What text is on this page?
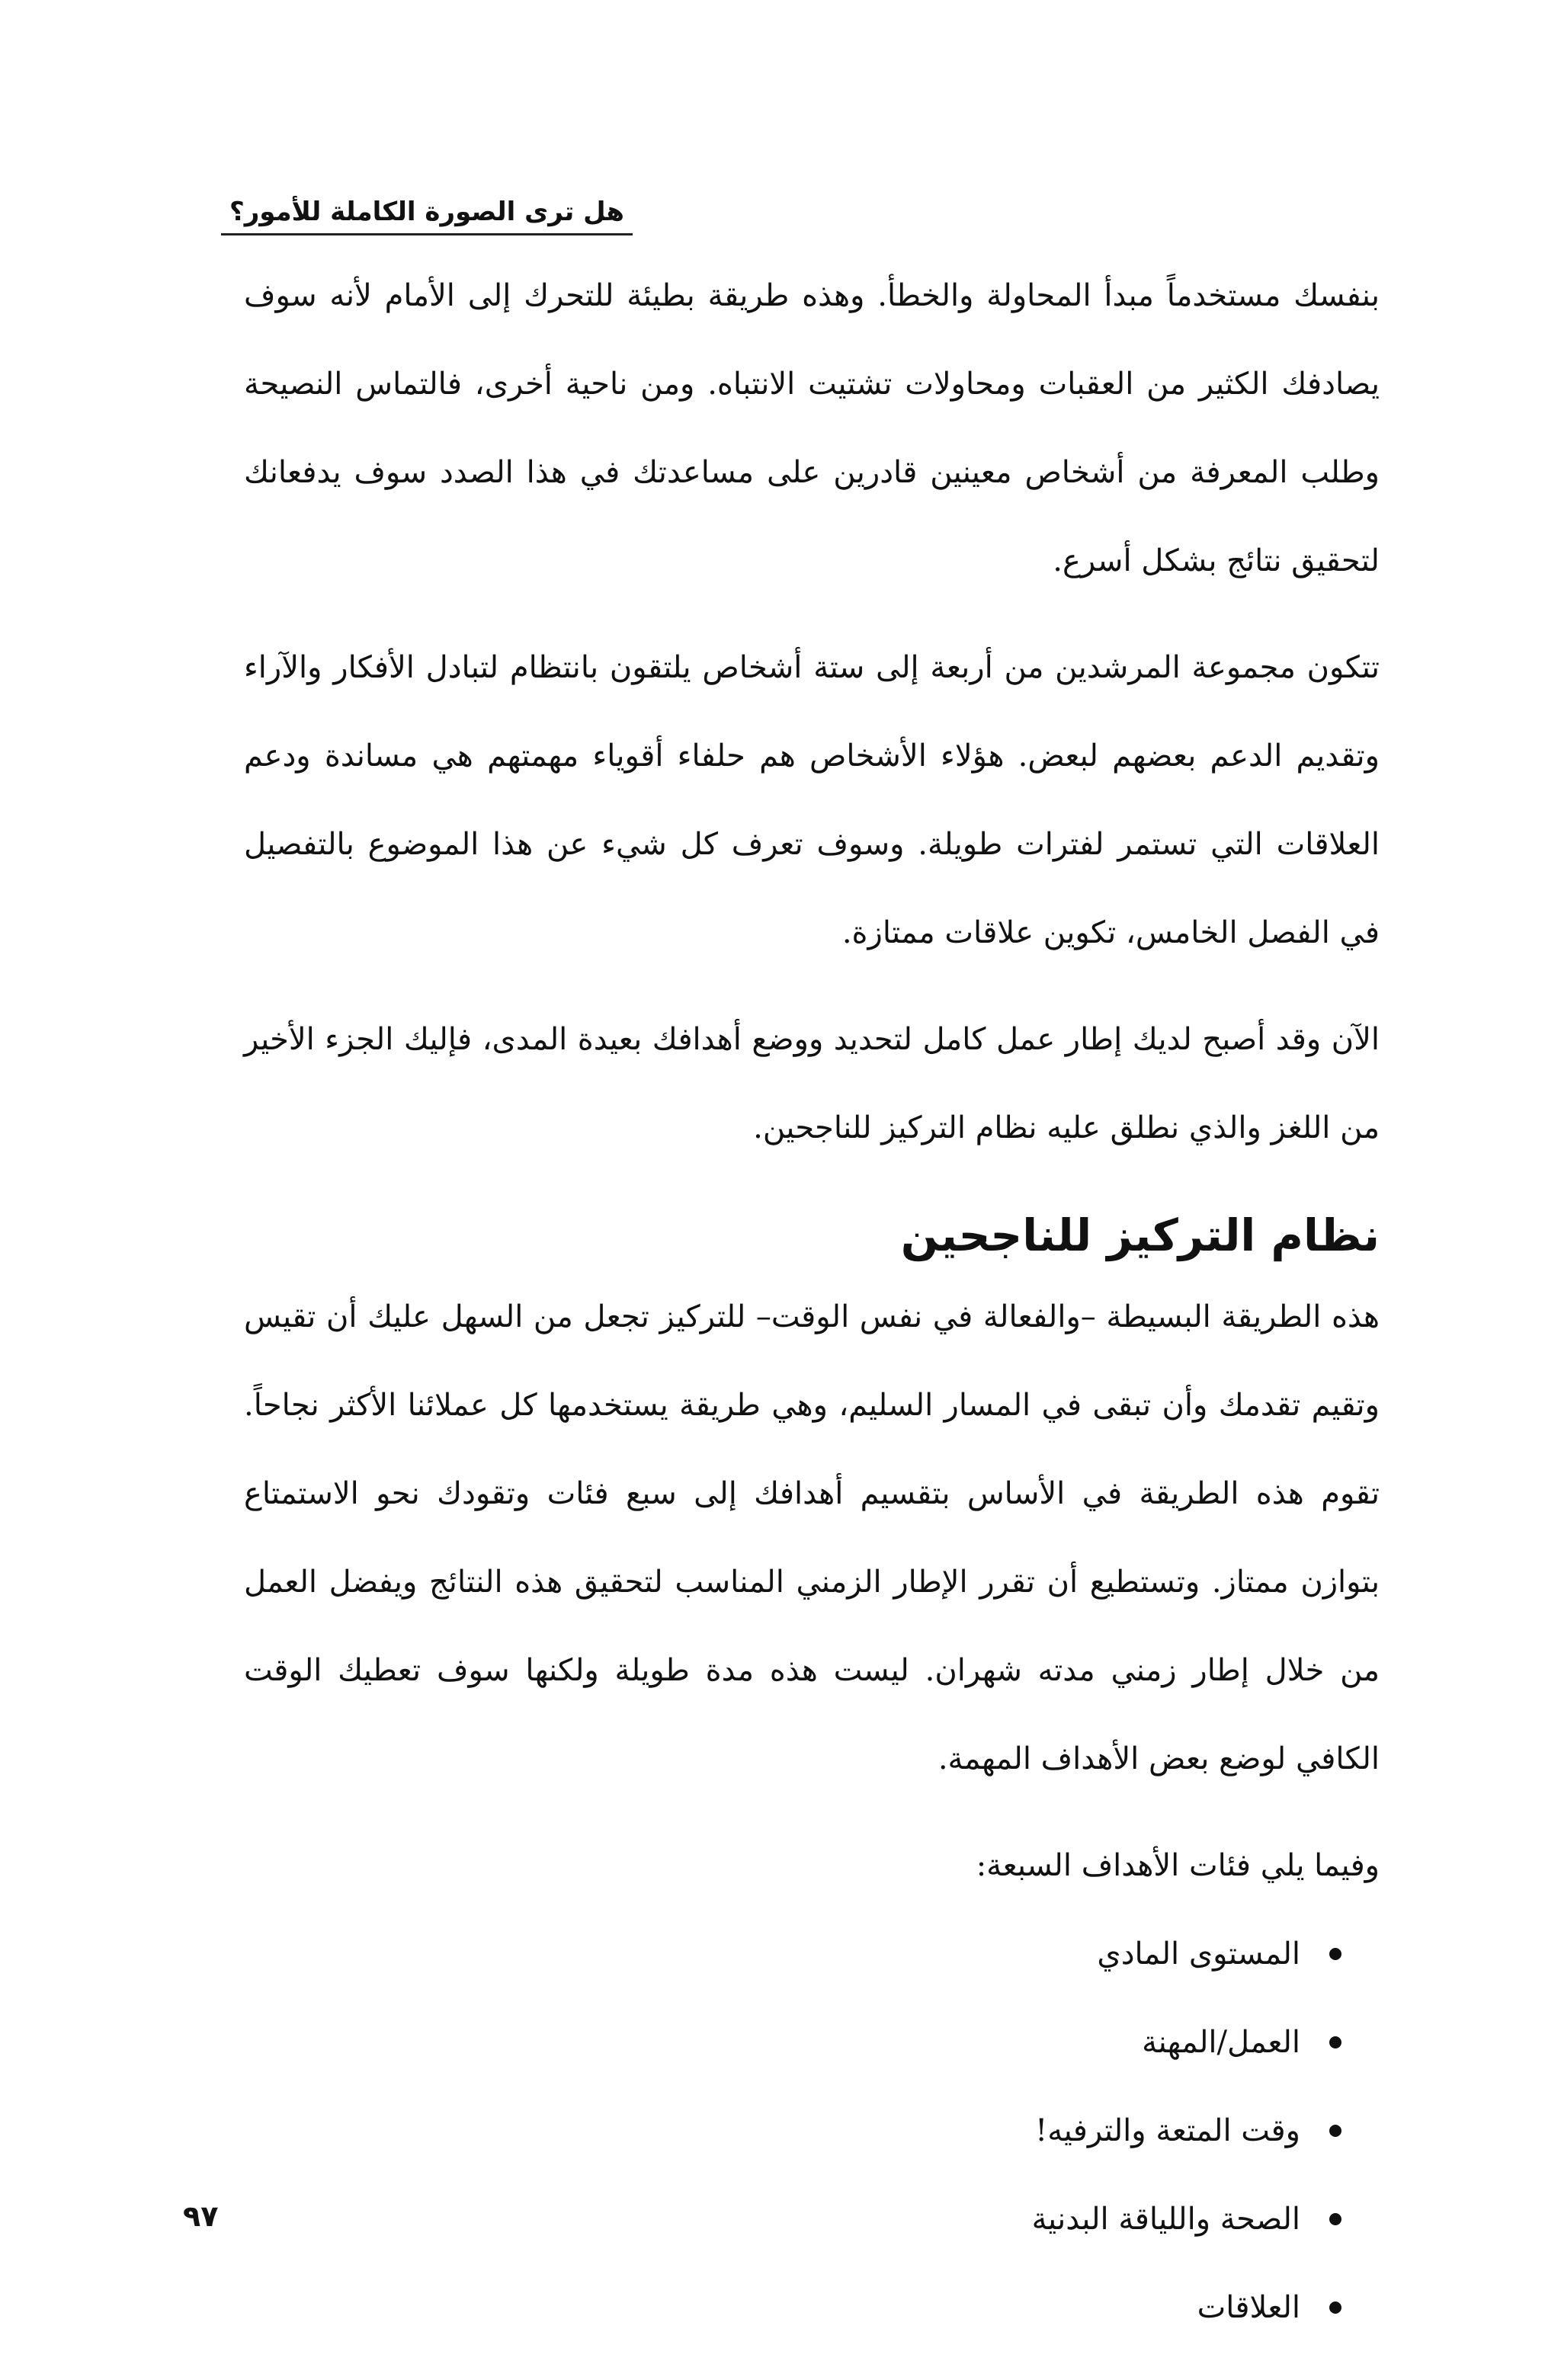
هل ترى الصورة الكاملة للأمور؟

بنفسك مستخدماً مبدأ المحاولة والخطأ. وهذه طريقة بطيئة للتحرك إلى الأمام لأنه سوف يصادفك الكثير من العقبات ومحاولات تشتيت الانتباه. ومن ناحية أخرى، فالتماس النصيحة وطلب المعرفة من أشخاص معينين قادرين على مساعدتك في هذا الصدد سوف يدفعانك لتحقيق نتائج بشكل أسرع.

تتكون مجموعة المرشدين من أربعة إلى ستة أشخاص يلتقون بانتظام لتبادل الأفكار والآراء وتقديم الدعم بعضهم لبعض. هؤلاء الأشخاص هم حلفاء أقوياء مهمتهم هي مساندة ودعم العلاقات التي تستمر لفترات طويلة. وسوف تعرف كل شيء عن هذا الموضوع بالتفصيل في الفصل الخامس، تكوين علاقات ممتازة.

الآن وقد أصبح لديك إطار عمل كامل لتحديد ووضع أهدافك بعيدة المدى، فإليك الجزء الأخير من اللغز والذي نطلق عليه نظام التركيز للناجحين.

نظام التركيز للناجحين

هذه الطريقة البسيطة –والفعالة في نفس الوقت– للتركيز تجعل من السهل عليك أن تقيس وتقيم تقدمك وأن تبقى في المسار السليم، وهي طريقة يستخدمها كل عملائنا الأكثر نجاحاً. تقوم هذه الطريقة في الأساس بتقسيم أهدافك إلى سبع فئات وتقودك نحو الاستمتاع بتوازن ممتاز. وتستطيع أن تقرر الإطار الزمني المناسب لتحقيق هذه النتائج ويفضل العمل من خلال إطار زمني مدته شهران. ليست هذه مدة طويلة ولكنها سوف تعطيك الوقت الكافي لوضع بعض الأهداف المهمة.

وفيما يلي فئات الأهداف السبعة:

المستوى المادي
العمل/المهنة
وقت المتعة والترفيه!
الصحة واللياقة البدنية
العلاقات
٩٧
